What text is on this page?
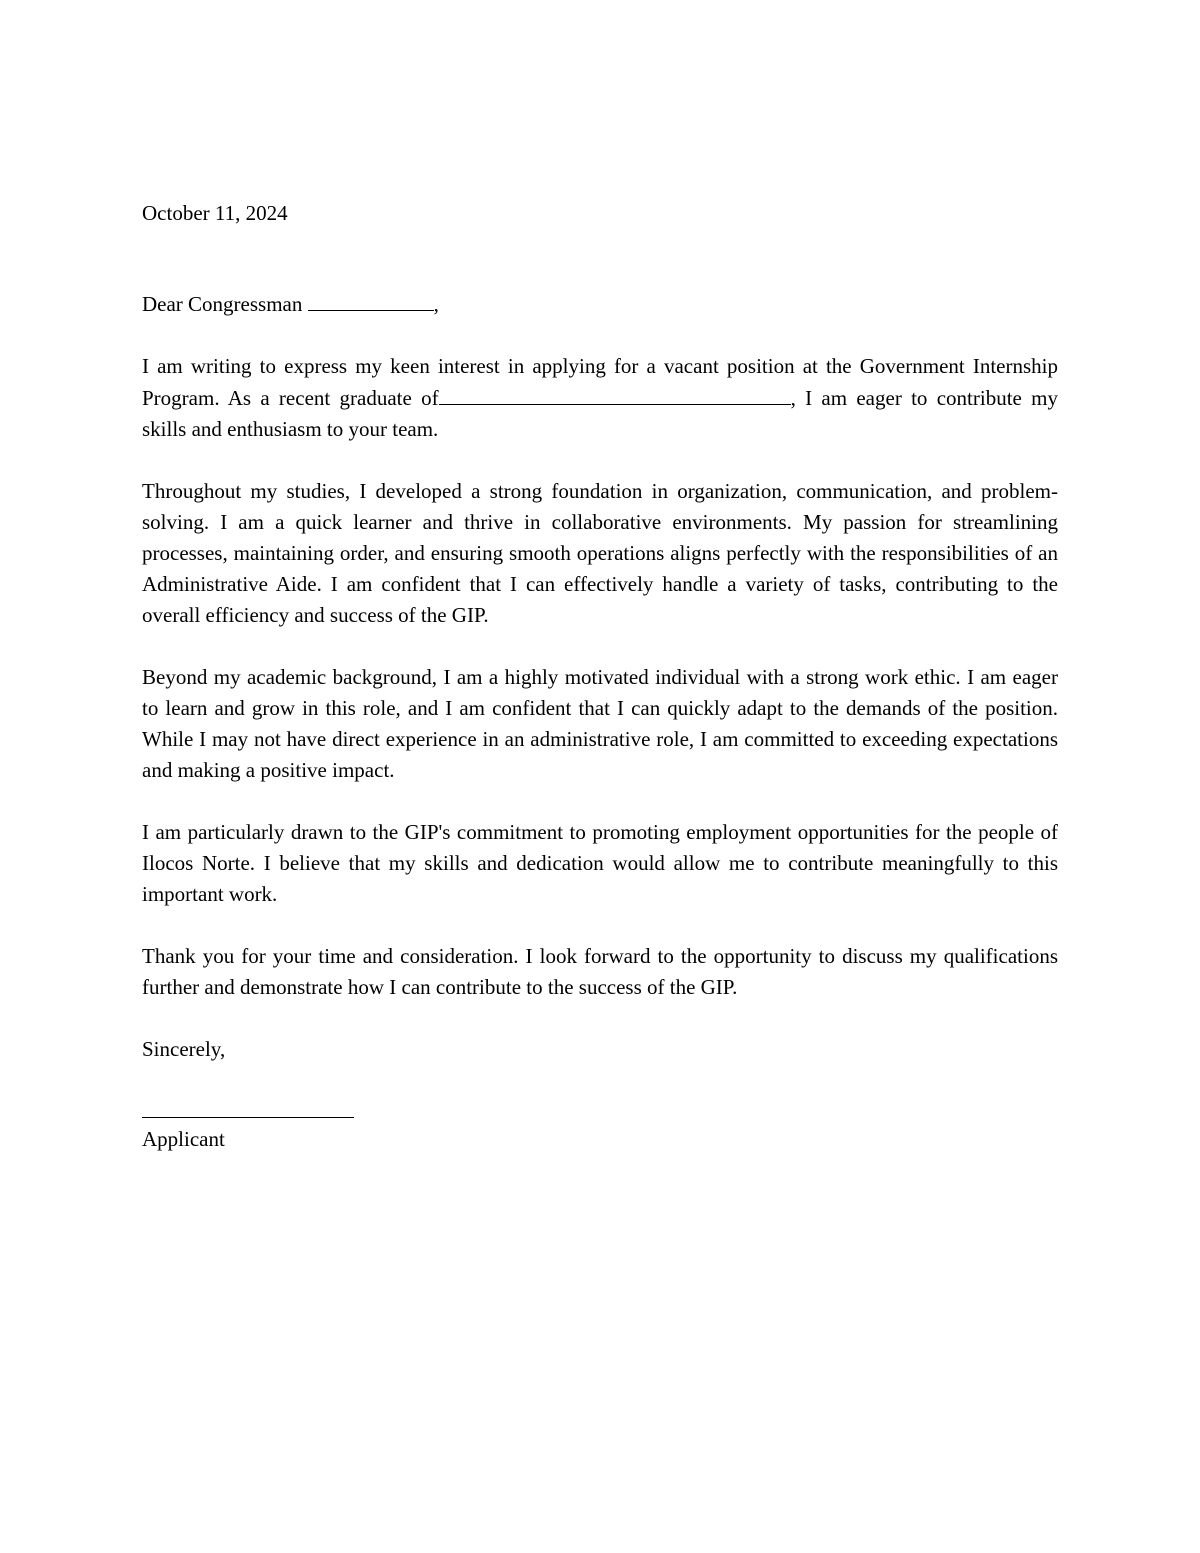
October 11, 2024

Dear Congressman	,

I am writing to express my keen interest in applying for a vacant position at the Government Internship Program. As a recent graduate of	, I am eager to contribute my skills and enthusiasm to your team.

Throughout my studies, I developed a strong foundation in organization, communication, and problem-solving. I am a quick learner and thrive in collaborative environments. My passion for streamlining processes, maintaining order, and ensuring smooth operations aligns perfectly with the responsibilities of an Administrative Aide. I am confident that I can effectively handle a variety of tasks, contributing to the overall efficiency and success of the GIP.

Beyond my academic background, I am a highly motivated individual with a strong work ethic. I am eager to learn and grow in this role, and I am confident that I can quickly adapt to the demands of the position. While I may not have direct experience in an administrative role, I am committed to exceeding expectations and making a positive impact.

I am particularly drawn to the GIP's commitment to promoting employment opportunities for the people of Ilocos Norte. I believe that my skills and dedication would allow me to contribute meaningfully to this important work.

Thank you for your time and consideration. I look forward to the opportunity to discuss my qualifications further and demonstrate how I can contribute to the success of the GIP.

Sincerely,

Applicant
